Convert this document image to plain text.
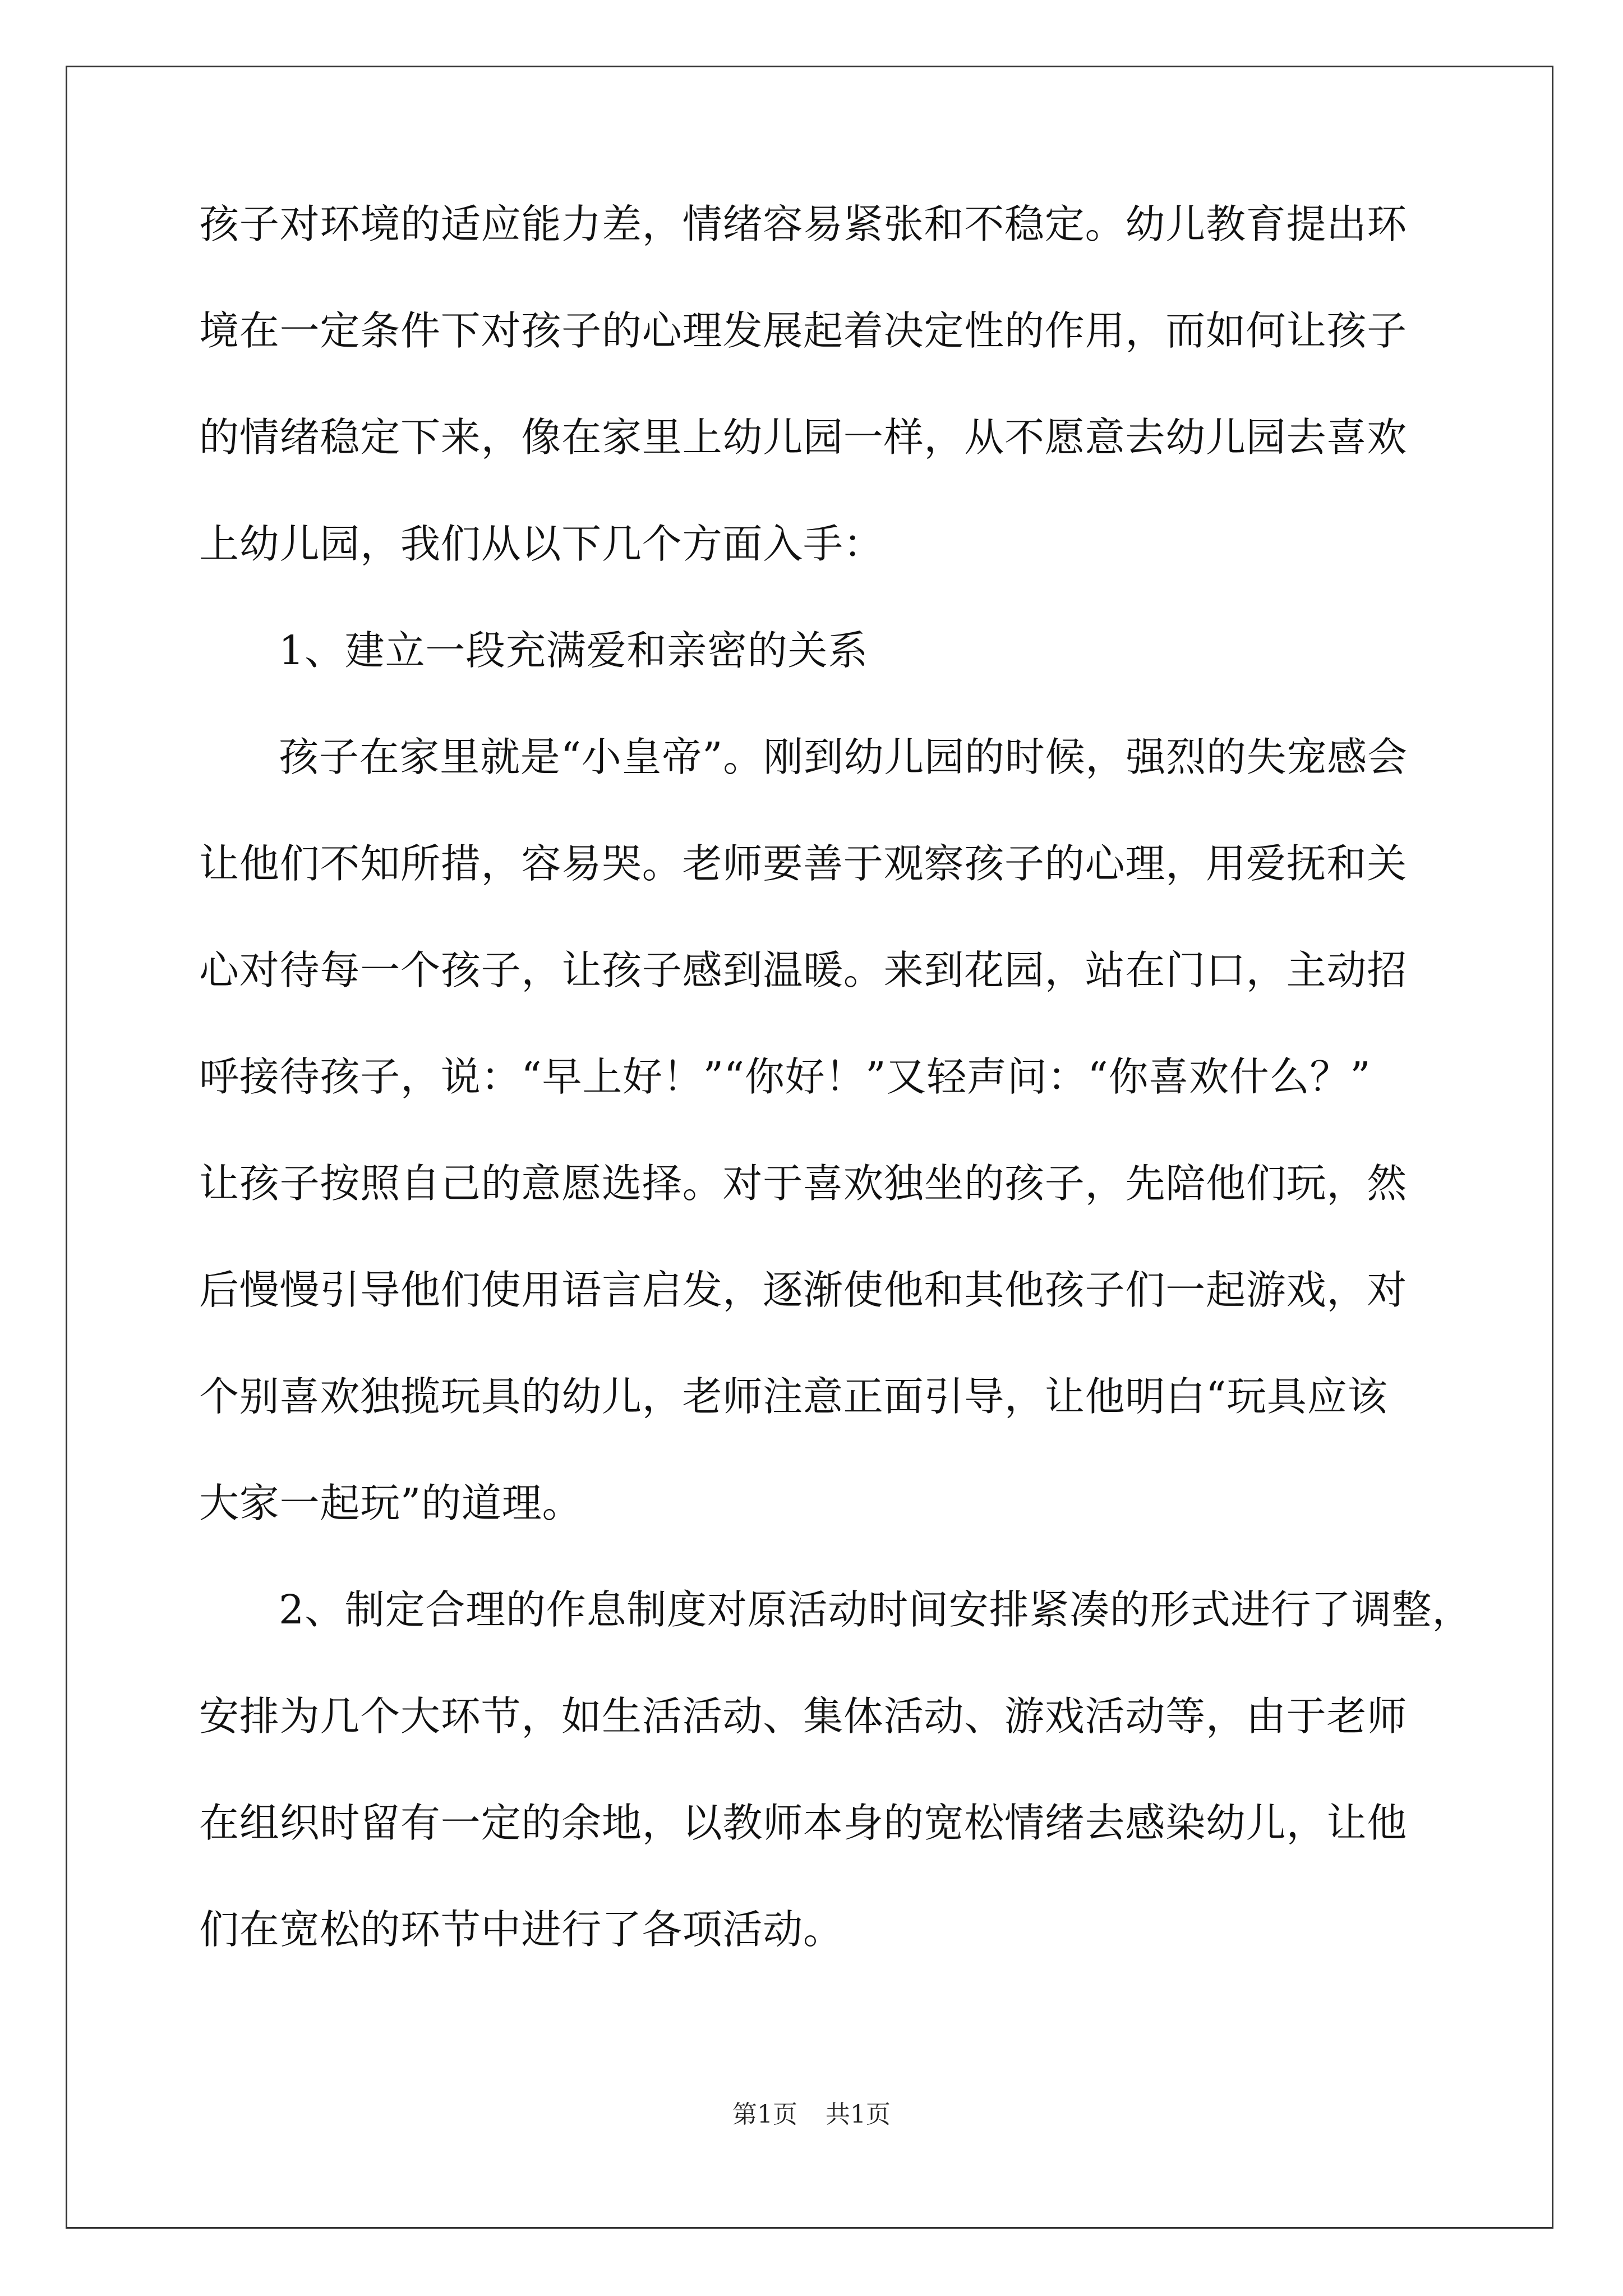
孩子对环境的适应能力差，情绪容易紧张和不稳定。幼儿教育提出环
境在一定条件下对孩子的心理发展起着决定性的作用，而如何让孩子
的情绪稳定下来，像在家里上幼儿园一样，从不愿意去幼儿园去喜欢
上幼儿园，我们从以下几个方面入手：
1、建立一段充满爱和亲密的关系
孩子在家里就是“小皇帝”。刚到幼儿园的时候，强烈的失宠感会
让他们不知所措，容易哭。老师要善于观察孩子的心理，用爱抚和关
心对待每一个孩子，让孩子感到温暖。来到花园，站在门口，主动招
呼接待孩子，说：“早上好！”“你好！”又轻声问：“你喜欢什么？”
让孩子按照自己的意愿选择。对于喜欢独坐的孩子，先陪他们玩，然
后慢慢引导他们使用语言启发，逐渐使他和其他孩子们一起游戏，对
个别喜欢独揽玩具的幼儿，老师注意正面引导，让他明白“玩具应该
大家一起玩”的道理。
2、制定合理的作息制度对原活动时间安排紧凑的形式进行了调整，
安排为几个大环节，如生活活动、集体活动、游戏活动等，由于老师
在组织时留有一定的余地，以教师本身的宽松情绪去感染幼儿，让他
们在宽松的环节中进行了各项活动。
第1页 共1页
